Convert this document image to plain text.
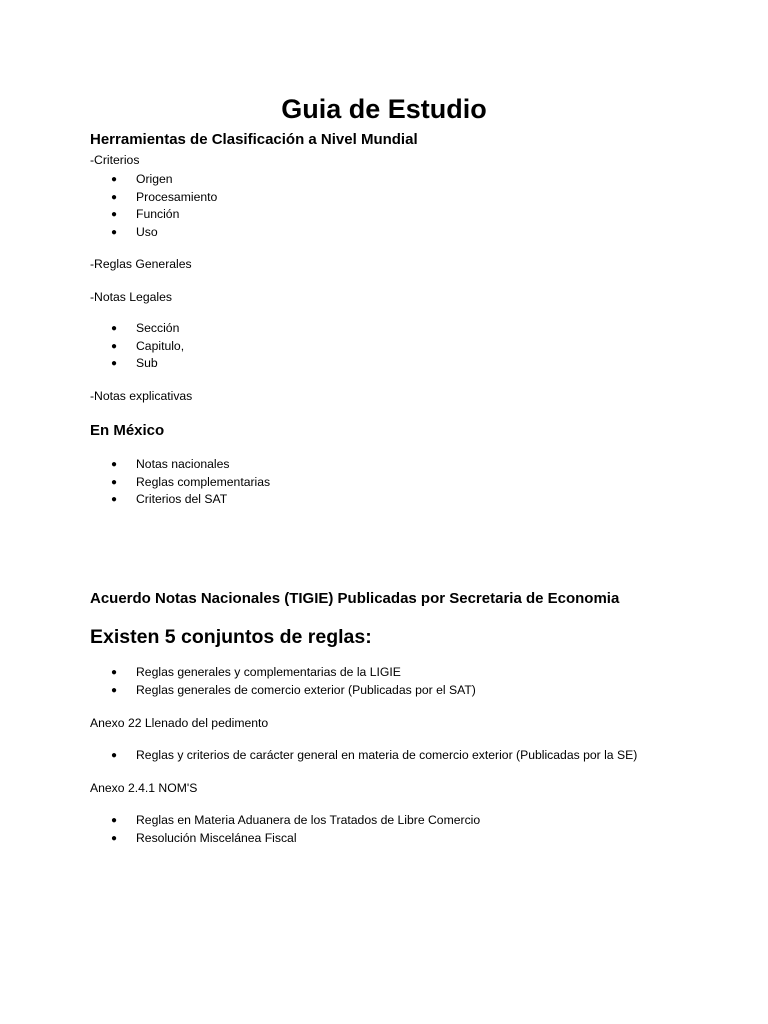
Guia de Estudio
Herramientas de Clasificación a Nivel Mundial

-Criterios

● Origen
● Procesamiento
● Función
● Uso

-Reglas Generales

-Notas Legales

● Sección
● Capitulo,
● Sub

-Notas explicativas

En México
● Notas nacionales
● Reglas complementarias
● Criterios del SAT
Acuerdo Notas Nacionales (TIGIE) Publicadas por Secretaria de Economia
Existen 5 conjuntos de reglas:
● Reglas generales y complementarias de la LIGIE
● Reglas generales de comercio exterior (Publicadas por el SAT)

Anexo 22 Llenado del pedimento

● Reglas y criterios de carácter general en materia de comercio exterior (Publicadas por la SE)

Anexo 2.4.1 NOM'S

● Reglas en Materia Aduanera de los Tratados de Libre Comercio
● Resolución Miscelánea Fiscal
